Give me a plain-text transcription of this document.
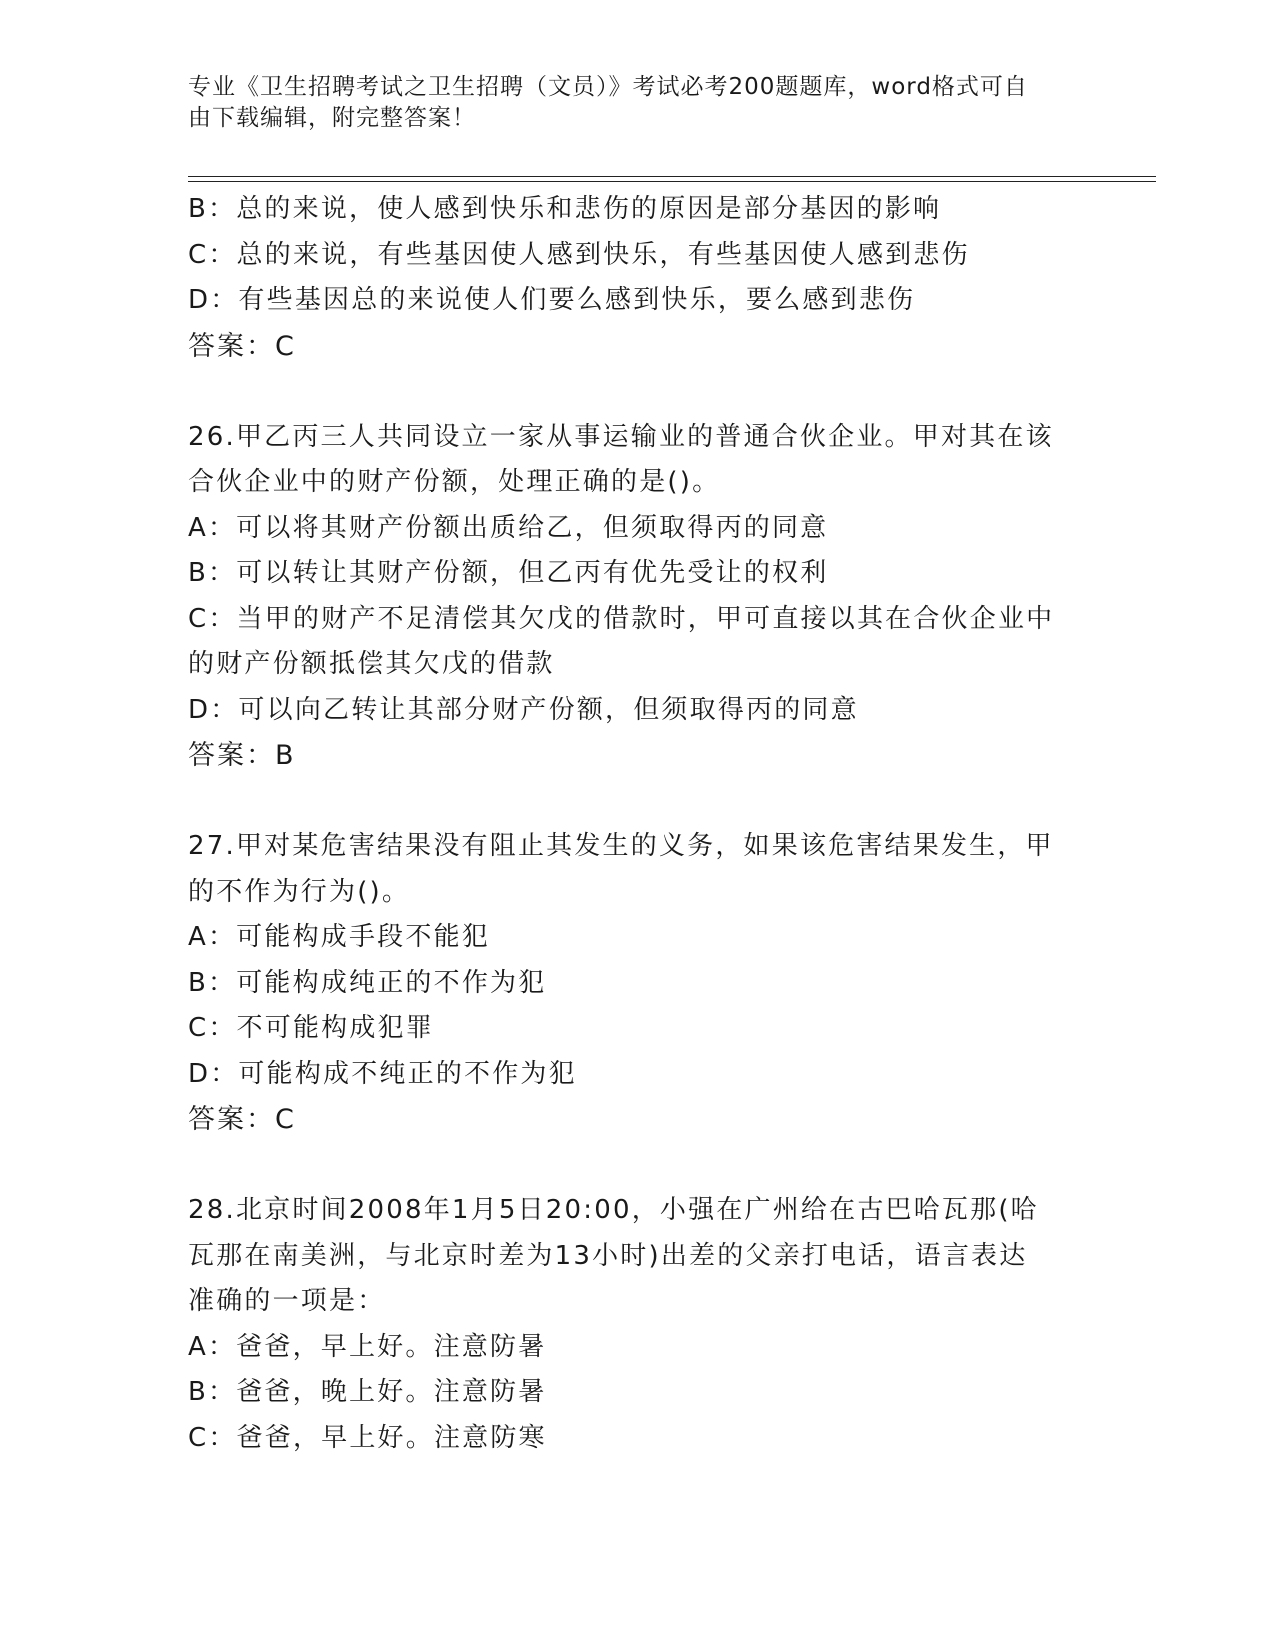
专业《卫生招聘考试之卫生招聘（文员）》考试必考200题题库，word格式可自
由下载编辑，附完整答案！
B：总的来说，使人感到快乐和悲伤的原因是部分基因的影响
C：总的来说，有些基因使人感到快乐，有些基因使人感到悲伤
D：有些基因总的来说使人们要么感到快乐，要么感到悲伤
答案：C
26.甲乙丙三人共同设立一家从事运输业的普通合伙企业。甲对其在该
合伙企业中的财产份额，处理正确的是()。
A：可以将其财产份额出质给乙，但须取得丙的同意
B：可以转让其财产份额，但乙丙有优先受让的权利
C：当甲的财产不足清偿其欠戊的借款时，甲可直接以其在合伙企业中
的财产份额抵偿其欠戊的借款
D：可以向乙转让其部分财产份额，但须取得丙的同意
答案：B
27.甲对某危害结果没有阻止其发生的义务，如果该危害结果发生，甲
的不作为行为()。
A：可能构成手段不能犯
B：可能构成纯正的不作为犯
C：不可能构成犯罪
D：可能构成不纯正的不作为犯
答案：C
28.北京时间2008年1月5日20:00，小强在广州给在古巴哈瓦那(哈
瓦那在南美洲，与北京时差为13小时)出差的父亲打电话，语言表达
准确的一项是：
A：爸爸，早上好。注意防暑
B：爸爸，晚上好。注意防暑
C：爸爸，早上好。注意防寒
